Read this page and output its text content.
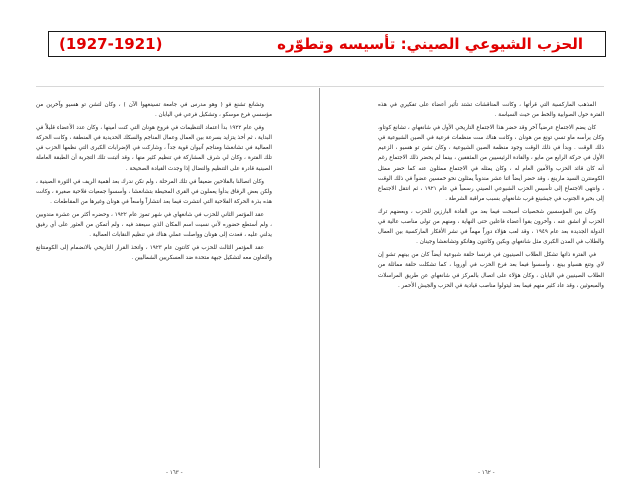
الحزب الشيوعي الصيني: تأسيسه وتطوّره
(1927-1921)

المذهب الماركسية التي قرأتها ، وكانت المناقشات تشتد تأثير أعضاء على تفكيري في هذه الفترة حول الصوابية والخط من حيث السياسة .

كان يضم الاجتماع عرضياً آخر وقد حضر هذا الاجتماع التاريخي الأول في شانغهاي ، تشانغ كوتاو، وكان يرأسه ماو تسي تونغ من هونان ، وكانت هناك ست منظمات فرعية في الصين الشيوعية في ذلك الوقت . وبدأ في ذلك الوقت وجود منظمة الصين الشيوعية ، وكان تشن تو هسيو ، الزعيم الأول في حركة الرابع من مايو ، والقادة الرئيسيين من المثقفين ، بينما لم يحضر ذلك الاجتماع رغم أنه كان قائد الحزب والأمين العام له ، وكان يمثله في الاجتماع ممثلون عنه كما حضر ممثل الكومنترن السيد مارينغ ، وقد حضر أيضاً اثنا عشر مندوباً يمثلون نحو خمسين عضواً في ذلك الوقت ، وانتهى الاجتماع إلى تأسيس الحزب الشيوعي الصيني رسمياً في عام ١٩٢١ ، ثم انتقل الاجتماع إلى بحيرة الجنوب في جيشينغ قرب شانغهاي بسبب مراقبة الشرطة .

وكان بين المؤسسين شخصيات أصبحت فيما بعد من القادة البارزين للحزب ، وبعضهم ترك الحزب أو انشق عنه ، وآخرون بقوا أعضاء فاعلين حتى النهاية ، ومنهم من تولى مناصب عالية في الدولة الجديدة بعد عام ١٩٤٩ ، وقد لعب هؤلاء دوراً مهماً في نشر الأفكار الماركسية بين العمال والطلاب في المدن الكبرى مثل شانغهاي وبكين وكانتون وهانكو وتشانغشا وجينان .

في الفترة ذاتها تشكل الطلاب الصينيون في فرنسا حلقة شيوعية أيضاً كان من بينهم تشو إن لاي وتنغ هسياو بينغ ، وأسسوا فيما بعد فرع الحزب في أوروبا ، كما تشكلت حلقة مماثلة من الطلاب الصينيين في اليابان ، وكان هؤلاء على اتصال بالمركز في شانغهاي عن طريق المراسلات والمبعوثين ، وقد عاد كثير منهم فيما بعد ليتولوا مناصب قيادية في الحزب والجيش الأحمر .

وتشانغ تشنغ فو ( وهو مدرس في جامعة تسينغهوا الآن ) ، وكان لتشن تو هسيو وآخرين من مؤسسي فرع موسكو ، وتشكيل فرعي في اليابان .

وفي عام ١٩٢٢ بدأ اعتماد التنظيمات في فروع هونان التي كنت أمينها ، وكان عدد الأعضاء قليلاً في البداية ، ثم أخذ يتزايد بسرعة بين العمال وعمال المناجم والسكك الحديدية في المنطقة ، وكانت الحركة العمالية في تشانغشا ومناجم آنيوان قوية جداً ، وشاركت في الإضرابات الكبرى التي نظمها الحزب في تلك الفترة ، وكان لي شرف المشاركة في تنظيم كثير منها ، وقد أثبتت تلك التجربة أن الطبقة العاملة الصينية قادرة على التنظيم والنضال إذا وجدت القيادة الصحيحة .

وكان اتصالنا بالفلاحين ضعيفاً في تلك المرحلة ، ولم نكن ندرك بعد أهمية الريف في الثورة الصينية ، ولكن بعض الرفاق بدأوا يعملون في القرى المحيطة بتشانغشا ، وأسسوا جمعيات فلاحية صغيرة ، وكانت هذه بذرة الحركة الفلاحية التي انتشرت فيما بعد انتشاراً واسعاً في هونان وغيرها من المقاطعات .

عقد المؤتمر الثاني للحزب في شانغهاي في شهر تموز عام ١٩٢٢ ، وحضره أكثر من عشرة مندوبين ، ولم أستطع حضوره لأني نسيت اسم المكان الذي سيعقد فيه ، ولم أتمكن من العثور على أي رفيق يدلني عليه ، فعدت إلى هونان وواصلت عملي هناك في تنظيم النقابات العمالية .

عقد المؤتمر الثالث للحزب في كانتون عام ١٩٢٣ ، واتخذ القرار التاريخي بالانضمام إلى الكومنتانغ والتعاون معه لتشكيل جبهة متحدة ضد العسكريين الشماليين .

- ١٦٣ -	- ١٦٢ -
